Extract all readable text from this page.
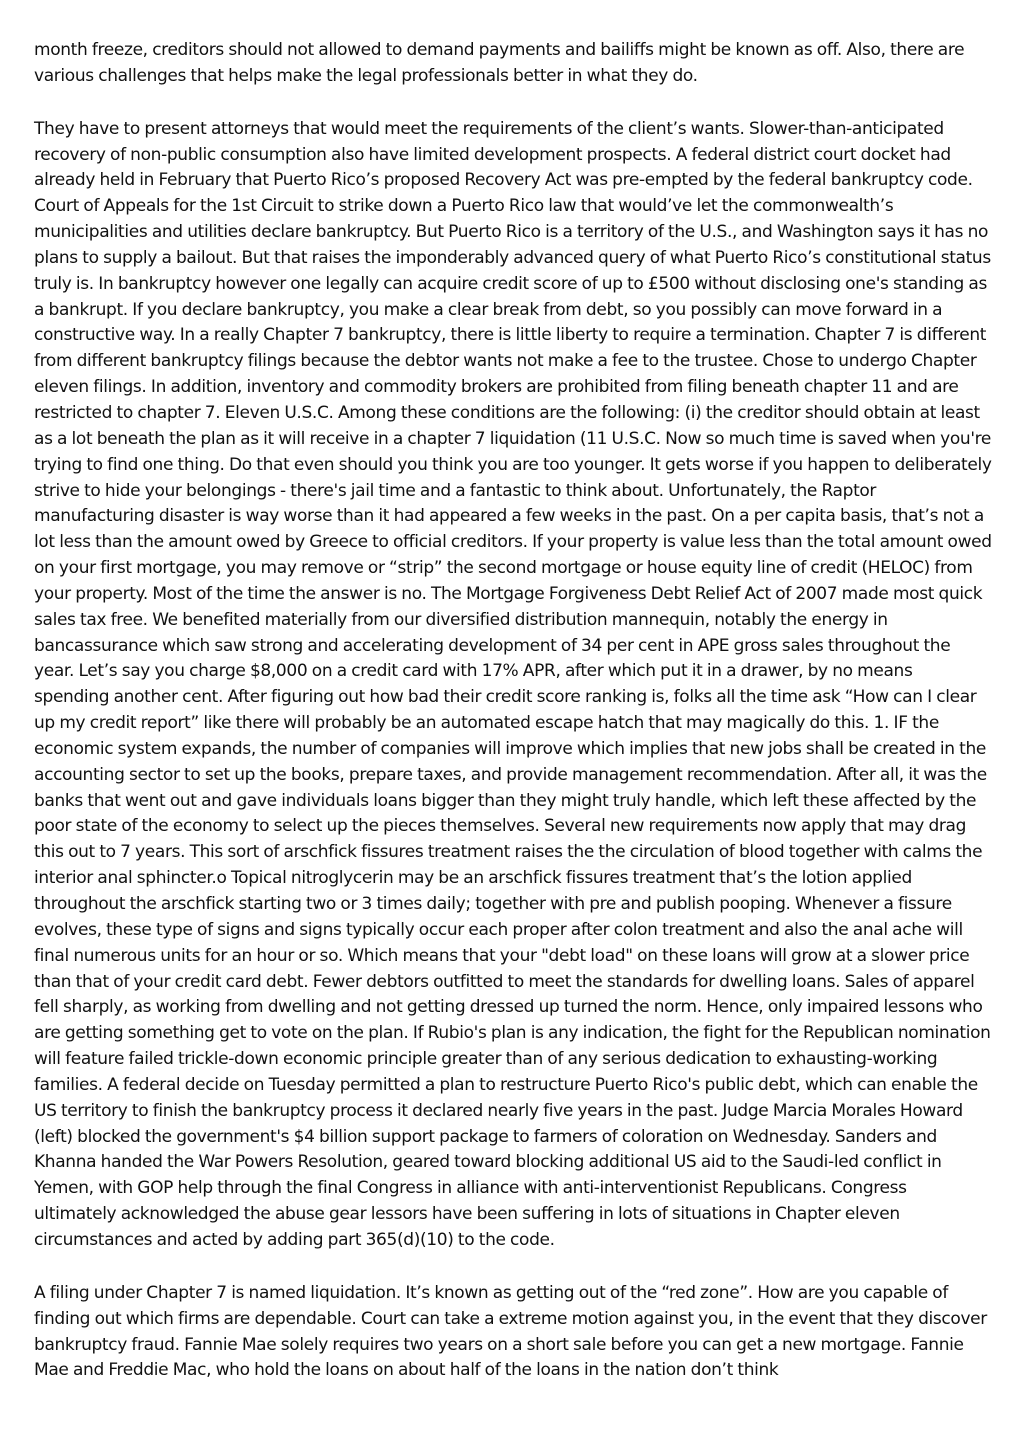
month freeze, creditors should not allowed to demand payments and bailiffs might be known as off. Also, there are various challenges that helps make the legal professionals better in what they do.

They have to present attorneys that would meet the requirements of the client’s wants. Slower-than-anticipated recovery of non-public consumption also have limited development prospects. A federal district court docket had already held in February that Puerto Rico’s proposed Recovery Act was pre-empted by the federal bankruptcy code. Court of Appeals for the 1st Circuit to strike down a Puerto Rico law that would’ve let the commonwealth’s municipalities and utilities declare bankruptcy. But Puerto Rico is a territory of the U.S., and Washington says it has no plans to supply a bailout. But that raises the imponderably advanced query of what Puerto Rico’s constitutional status truly is. In bankruptcy however one legally can acquire credit score of up to £500 without disclosing one's standing as a bankrupt. If you declare bankruptcy, you make a clear break from debt, so you possibly can move forward in a constructive way. In a really Chapter 7 bankruptcy, there is little liberty to require a termination. Chapter 7 is different from different bankruptcy filings because the debtor wants not make a fee to the trustee. Chose to undergo Chapter eleven filings. In addition, inventory and commodity brokers are prohibited from filing beneath chapter 11 and are restricted to chapter 7. Eleven U.S.C. Among these conditions are the following: (i) the creditor should obtain at least as a lot beneath the plan as it will receive in a chapter 7 liquidation (11 U.S.C. Now so much time is saved when you're trying to find one thing. Do that even should you think you are too younger. It gets worse if you happen to deliberately strive to hide your belongings - there's jail time and a fantastic to think about. Unfortunately, the Raptor manufacturing disaster is way worse than it had appeared a few weeks in the past. On a per capita basis, that’s not a lot less than the amount owed by Greece to official creditors. If your property is value less than the total amount owed on your first mortgage, you may remove or “strip” the second mortgage or house equity line of credit (HELOC) from your property. Most of the time the answer is no. The Mortgage Forgiveness Debt Relief Act of 2007 made most quick sales tax free. We benefited materially from our diversified distribution mannequin, notably the energy in bancassurance which saw strong and accelerating development of 34 per cent in APE gross sales throughout the year. Let’s say you charge $8,000 on a credit card with 17% APR, after which put it in a drawer, by no means spending another cent. After figuring out how bad their credit score ranking is, folks all the time ask “How can I clear up my credit report” like there will probably be an automated escape hatch that may magically do this. 1. IF the economic system expands, the number of companies will improve which implies that new jobs shall be created in the accounting sector to set up the books, prepare taxes, and provide management recommendation. After all, it was the banks that went out and gave individuals loans bigger than they might truly handle, which left these affected by the poor state of the economy to select up the pieces themselves. Several new requirements now apply that may drag this out to 7 years. This sort of arschfick fissures treatment raises the the circulation of blood together with calms the interior anal sphincter.o Topical nitroglycerin may be an arschfick fissures treatment that’s the lotion applied throughout the arschfick starting two or 3 times daily; together with pre and publish pooping. Whenever a fissure evolves, these type of signs and signs typically occur each proper after colon treatment and also the anal ache will final numerous units for an hour or so. Which means that your "debt load" on these loans will grow at a slower price than that of your credit card debt. Fewer debtors outfitted to meet the standards for dwelling loans. Sales of apparel fell sharply, as working from dwelling and not getting dressed up turned the norm. Hence, only impaired lessons who are getting something get to vote on the plan. If Rubio's plan is any indication, the fight for the Republican nomination will feature failed trickle-down economic principle greater than of any serious dedication to exhausting-working families. A federal decide on Tuesday permitted a plan to restructure Puerto Rico's public debt, which can enable the US territory to finish the bankruptcy process it declared nearly five years in the past. Judge Marcia Morales Howard (left) blocked the government's $4 billion support package to farmers of coloration on Wednesday. Sanders and Khanna handed the War Powers Resolution, geared toward blocking additional US aid to the Saudi-led conflict in Yemen, with GOP help through the final Congress in alliance with anti-interventionist Republicans. Congress ultimately acknowledged the abuse gear lessors have been suffering in lots of situations in Chapter eleven circumstances and acted by adding part 365(d)(10) to the code.

A filing under Chapter 7 is named liquidation. It’s known as getting out of the “red zone”. How are you capable of finding out which firms are dependable. Court can take a extreme motion against you, in the event that they discover bankruptcy fraud. Fannie Mae solely requires two years on a short sale before you can get a new mortgage. Fannie Mae and Freddie Mac, who hold the loans on about half of the loans in the nation don’t think
